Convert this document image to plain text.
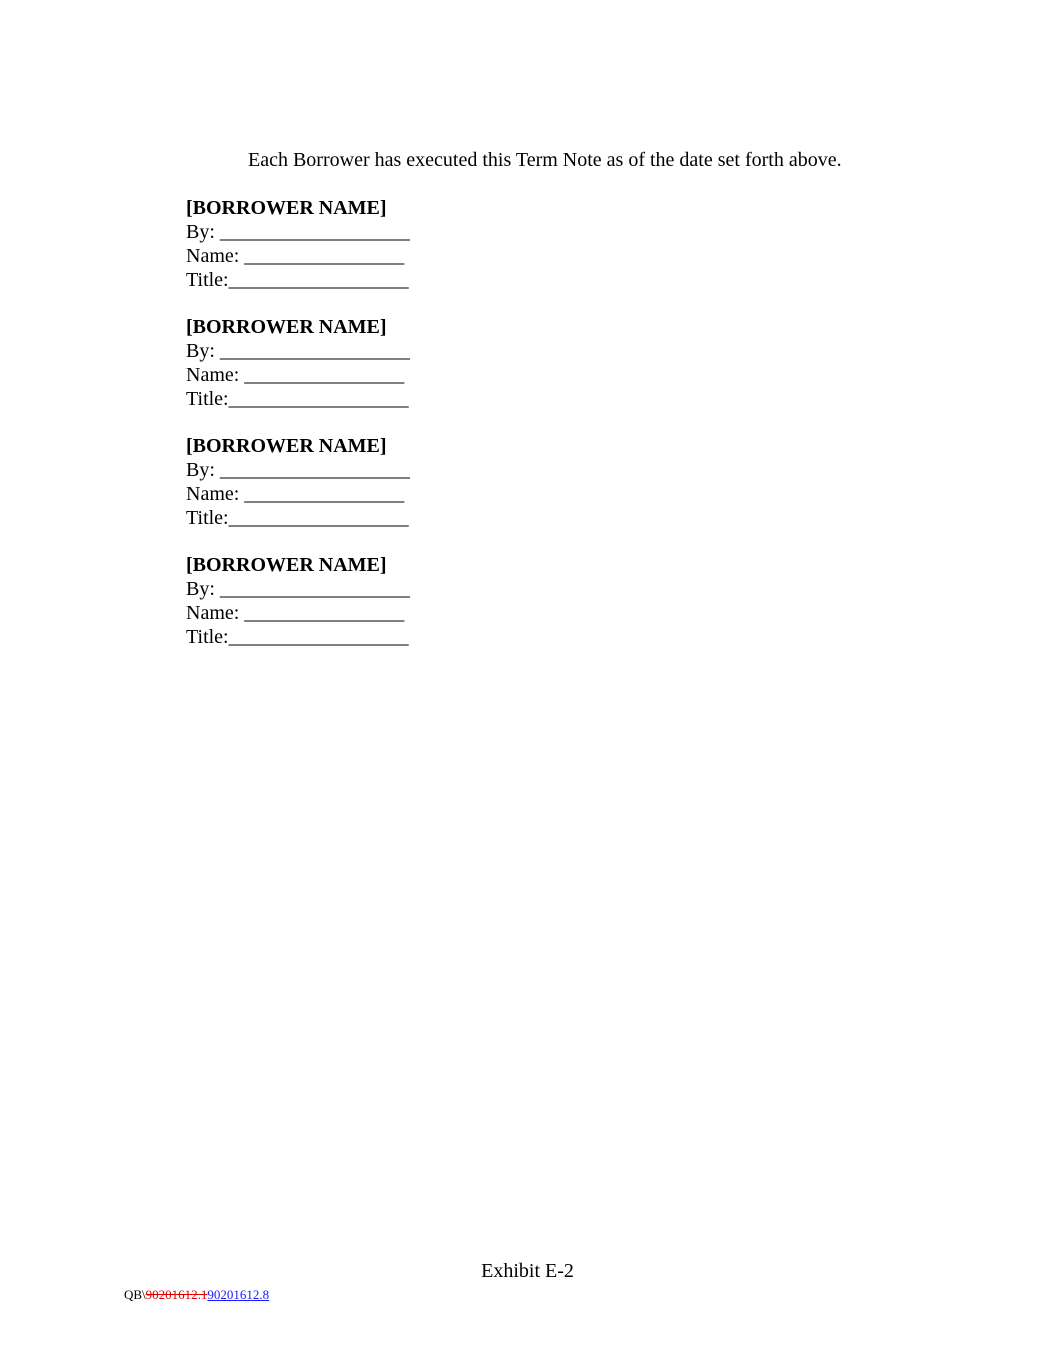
Each Borrower has executed this Term Note as of the date set forth above.
[BORROWER NAME]
By: ___________________
Name: ________________
Title:__________________
[BORROWER NAME]
By: ___________________
Name: ________________
Title:__________________
[BORROWER NAME]
By: ___________________
Name: ________________
Title:__________________
[BORROWER NAME]
By: ___________________
Name: ________________
Title:__________________
Exhibit E-2
QB\90201612.190201612.8
